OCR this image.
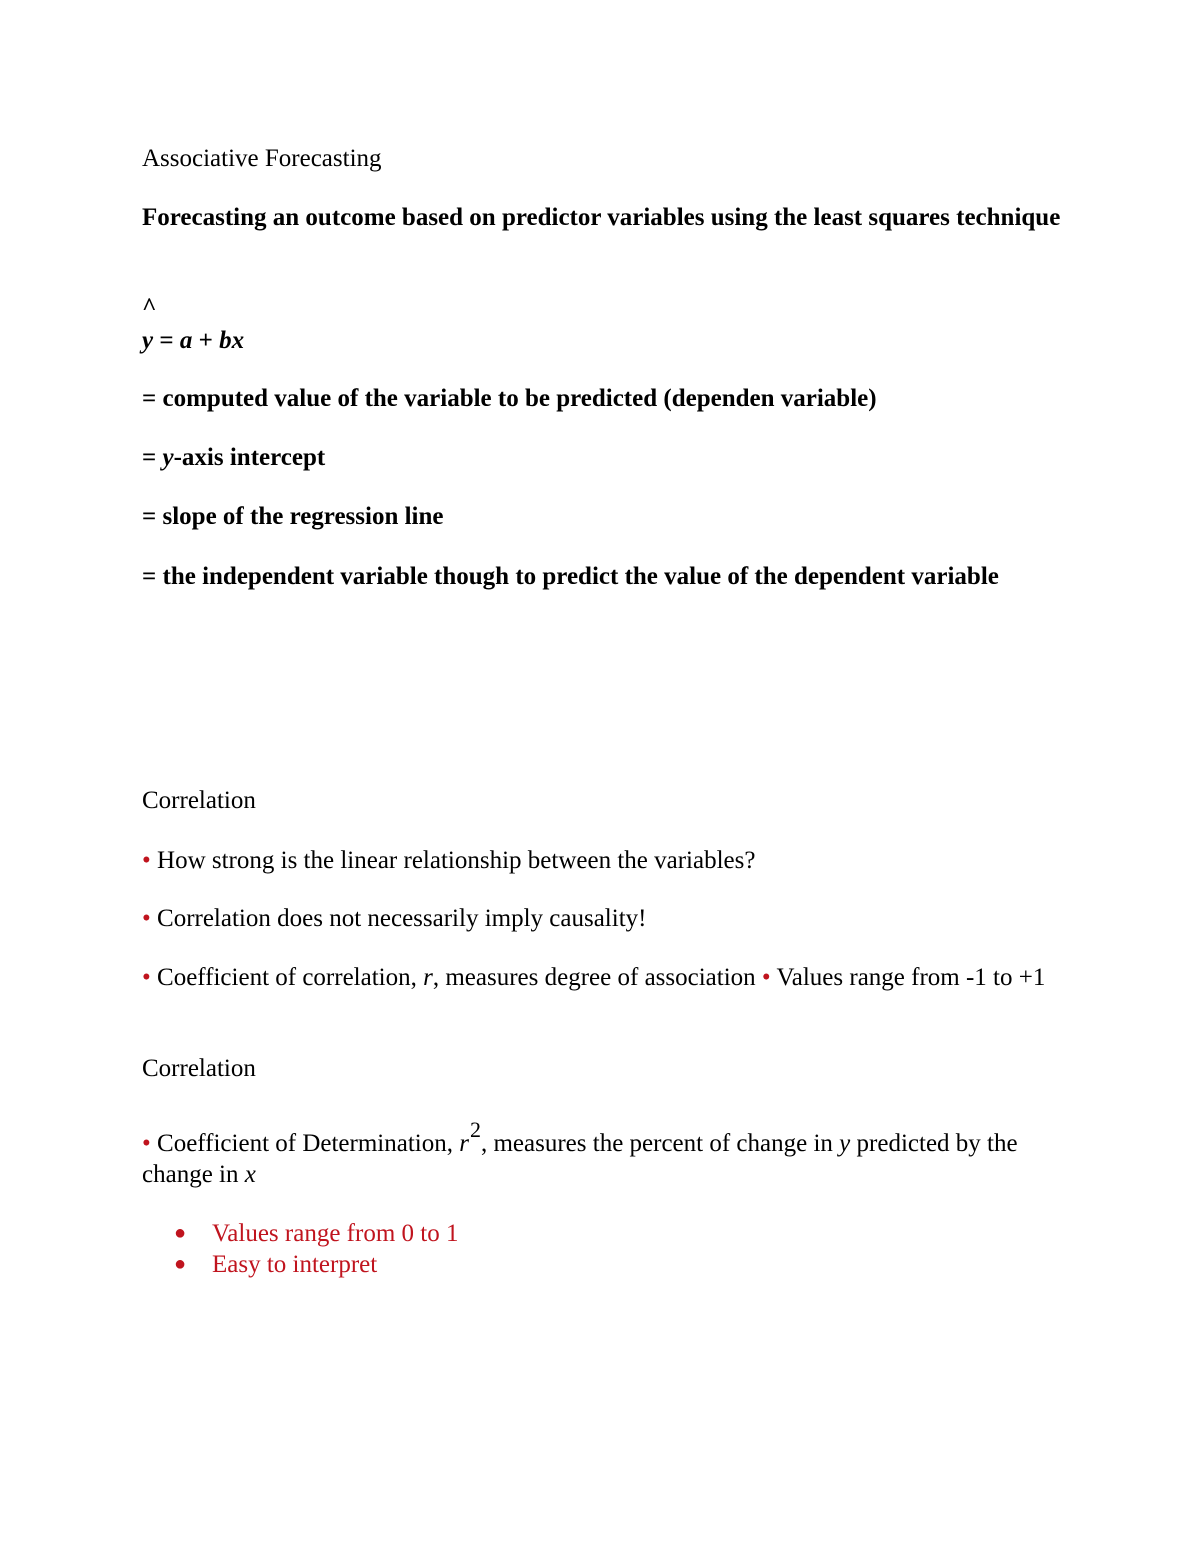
Associative Forecasting

Forecasting an outcome based on predictor variables using the least squares technique

^

y = a + bx

= computed value of the variable to be predicted (dependen variable)

= y-axis intercept

= slope of the regression line

= the independent variable though to predict the value of the dependent variable

Correlation

• How strong is the linear relationship between the variables?

• Correlation does not necessarily imply causality!

• Coefficient of correlation, r, measures degree of association • Values range from -1 to +1

Correlation

• Coefficient of Determination, $r^2$, measures the percent of change in y predicted by the change in x

● Values range from 0 to 1
● Easy to interpret
